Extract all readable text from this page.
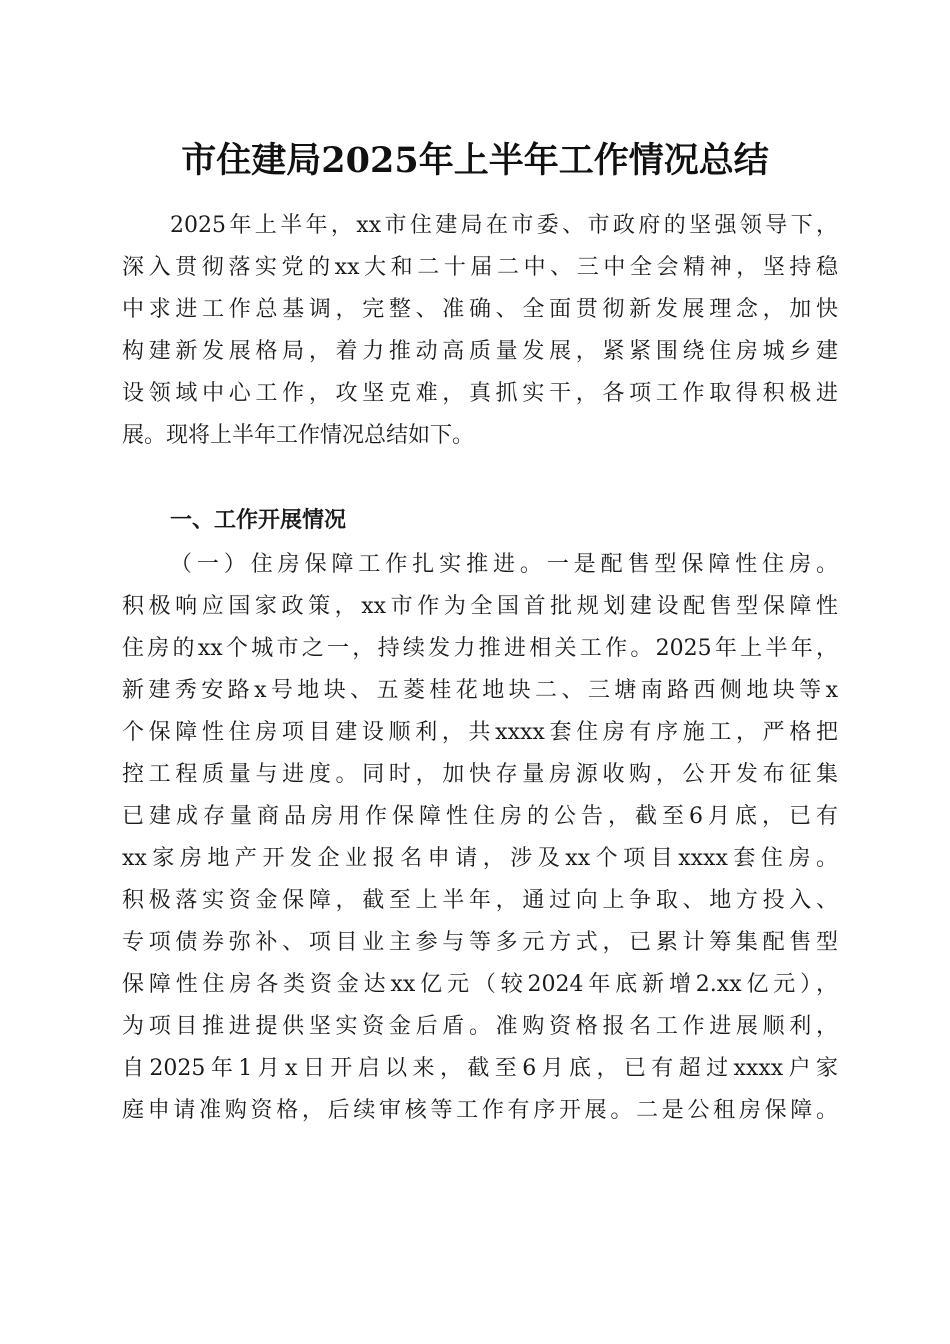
市住建局2025年上半年工作情况总结
2025年上半年，xx市住建局在市委、市政府的坚强领导下，
深入贯彻落实党的xx大和二十届二中、三中全会精神，坚持稳
中求进工作总基调，完整、准确、全面贯彻新发展理念，加快
构建新发展格局，着力推动高质量发展，紧紧围绕住房城乡建
设领域中心工作，攻坚克难，真抓实干，各项工作取得积极进
展。现将上半年工作情况总结如下。
一、工作开展情况
（一）住房保障工作扎实推进。一是配售型保障性住房。
积极响应国家政策，xx市作为全国首批规划建设配售型保障性
住房的xx个城市之一，持续发力推进相关工作。2025年上半年，
新建秀安路x号地块、五菱桂花地块二、三塘南路西侧地块等x
个保障性住房项目建设顺利，共xxxx套住房有序施工，严格把
控工程质量与进度。同时，加快存量房源收购，公开发布征集
已建成存量商品房用作保障性住房的公告，截至6月底，已有
xx家房地产开发企业报名申请，涉及xx个项目xxxx套住房。
积极落实资金保障，截至上半年，通过向上争取、地方投入、
专项债券弥补、项目业主参与等多元方式，已累计筹集配售型
保障性住房各类资金达xx亿元（较2024年底新增2.xx亿元），
为项目推进提供坚实资金后盾。准购资格报名工作进展顺利，
自2025年1月x日开启以来，截至6月底，已有超过xxxx户家
庭申请准购资格，后续审核等工作有序开展。二是公租房保障。
